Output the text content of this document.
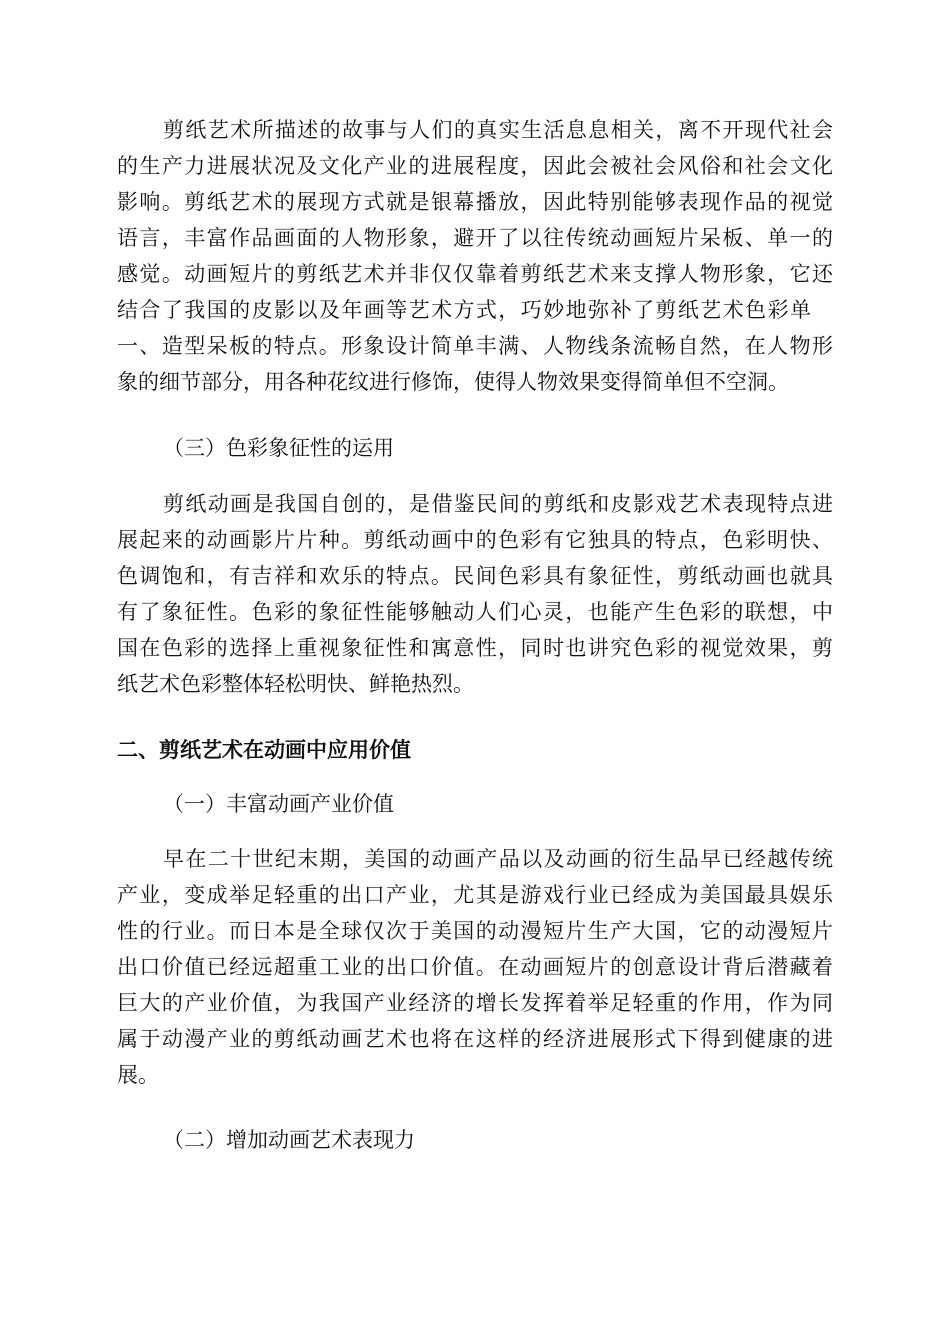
剪纸艺术所描述的故事与人们的真实生活息息相关，离不开现代社会
的生产力进展状况及文化产业的进展程度，因此会被社会风俗和社会文化
影响。剪纸艺术的展现方式就是银幕播放，因此特别能够表现作品的视觉
语言，丰富作品画面的人物形象，避开了以往传统动画短片呆板、单一的
感觉。动画短片的剪纸艺术并非仅仅靠着剪纸艺术来支撑人物形象，它还
结合了我国的皮影以及年画等艺术方式，巧妙地弥补了剪纸艺术色彩单
一、造型呆板的特点。形象设计简单丰满、人物线条流畅自然，在人物形
象的细节部分，用各种花纹进行修饰，使得人物效果变得简单但不空洞。
（三）色彩象征性的运用
剪纸动画是我国自创的，是借鉴民间的剪纸和皮影戏艺术表现特点进
展起来的动画影片片种。剪纸动画中的色彩有它独具的特点，色彩明快、
色调饱和，有吉祥和欢乐的特点。民间色彩具有象征性，剪纸动画也就具
有了象征性。色彩的象征性能够触动人们心灵，也能产生色彩的联想，中
国在色彩的选择上重视象征性和寓意性，同时也讲究色彩的视觉效果，剪
纸艺术色彩整体轻松明快、鲜艳热烈。
二、剪纸艺术在动画中应用价值
（一）丰富动画产业价值
早在二十世纪末期，美国的动画产品以及动画的衍生品早已经越传统
产业，变成举足轻重的出口产业，尤其是游戏行业已经成为美国最具娱乐
性的行业。而日本是全球仅次于美国的动漫短片生产大国，它的动漫短片
出口价值已经远超重工业的出口价值。在动画短片的创意设计背后潜藏着
巨大的产业价值，为我国产业经济的增长发挥着举足轻重的作用，作为同
属于动漫产业的剪纸动画艺术也将在这样的经济进展形式下得到健康的进
展。
（二）增加动画艺术表现力
